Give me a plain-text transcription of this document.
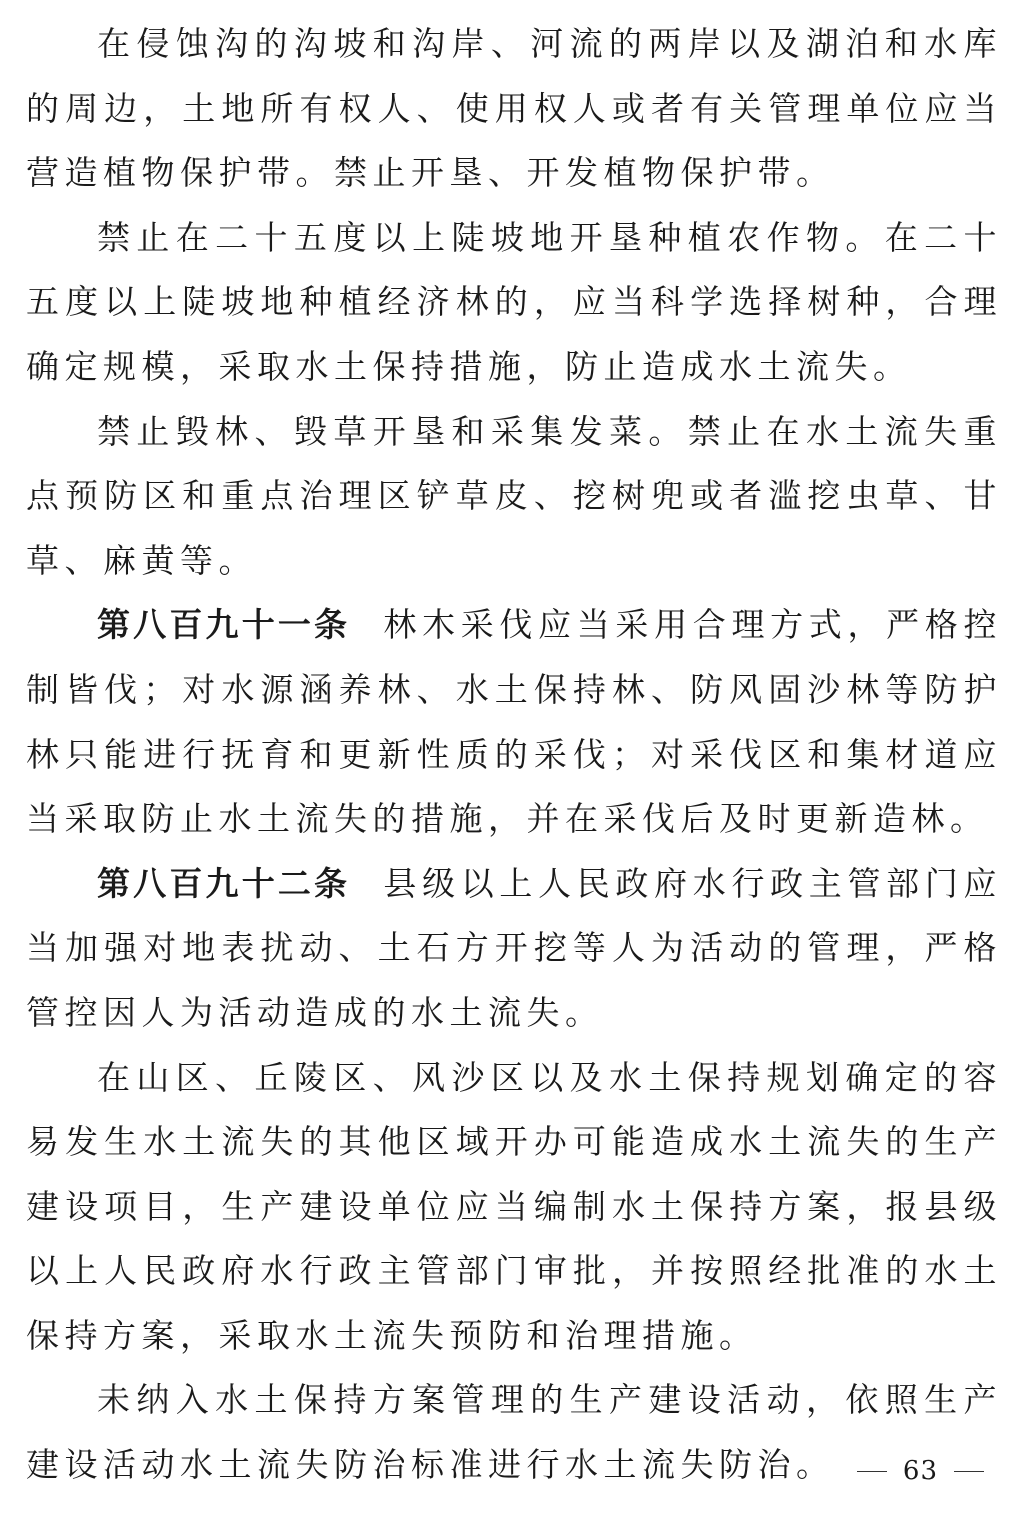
在侵蚀沟的沟坡和沟岸、河流的两岸以及湖泊和水库的周边，土地所有权人、使用权人或者有关管理单位应当营造植物保护带。禁止开垦、开发植物保护带。

禁止在二十五度以上陡坡地开垦种植农作物。在二十五度以上陡坡地种植经济林的，应当科学选择树种，合理确定规模，采取水土保持措施，防止造成水土流失。

禁止毁林、毁草开垦和采集发菜。禁止在水土流失重点预防区和重点治理区铲草皮、挖树兜或者滥挖虫草、甘草、麻黄等。

第八百九十一条 林木采伐应当采用合理方式，严格控制皆伐；对水源涵养林、水土保持林、防风固沙林等防护林只能进行抚育和更新性质的采伐；对采伐区和集材道应当采取防止水土流失的措施，并在采伐后及时更新造林。

第八百九十二条 县级以上人民政府水行政主管部门应当加强对地表扰动、土石方开挖等人为活动的管理，严格管控因人为活动造成的水土流失。

在山区、丘陵区、风沙区以及水土保持规划确定的容易发生水土流失的其他区域开办可能造成水土流失的生产建设项目，生产建设单位应当编制水土保持方案，报县级以上人民政府水行政主管部门审批，并按照经批准的水土保持方案，采取水土流失预防和治理措施。

未纳入水土保持方案管理的生产建设活动，依照生产建设活动水土流失防治标准进行水土流失防治。	63
